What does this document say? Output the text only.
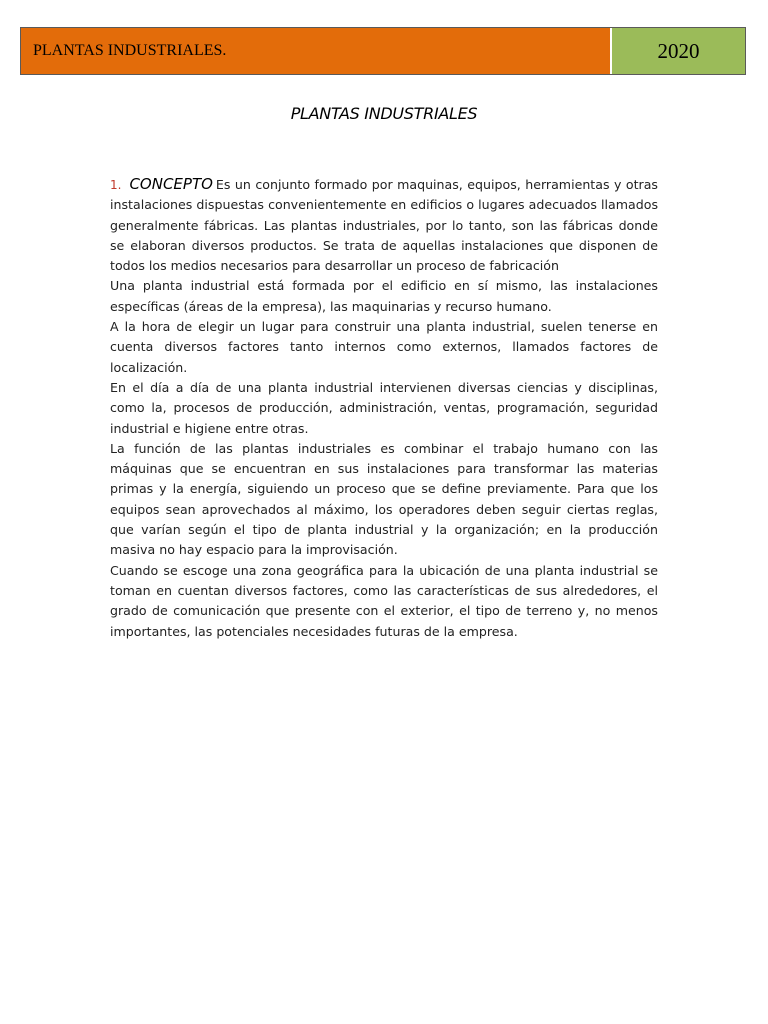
PLANTAS INDUSTRIALES.	2020
PLANTAS INDUSTRIALES

1. CONCEPTO Es un conjunto formado por maquinas, equipos, herramientas y otras instalaciones dispuestas convenientemente en edificios o lugares adecuados llamados generalmente fábricas. Las plantas industriales, por lo tanto, son las fábricas donde se elaboran diversos productos. Se trata de aquellas instalaciones que disponen de todos los medios necesarios para desarrollar un proceso de fabricación

Una planta industrial está formada por el edificio en sí mismo, las instalaciones específicas (áreas de la empresa), las maquinarias y recurso humano.

A la hora de elegir un lugar para construir una planta industrial, suelen tenerse en cuenta diversos factores tanto internos como externos, llamados factores de localización.

En el día a día de una planta industrial intervienen diversas ciencias y disciplinas, como la, procesos de producción, administración, ventas, programación, seguridad industrial e higiene entre otras.

La función de las plantas industriales es combinar el trabajo humano con las máquinas que se encuentran en sus instalaciones para transformar las materias primas y la energía, siguiendo un proceso que se define previamente. Para que los equipos sean aprovechados al máximo, los operadores deben seguir ciertas reglas, que varían según el tipo de planta industrial y la organización; en la producción masiva no hay espacio para la improvisación.

Cuando se escoge una zona geográfica para la ubicación de una planta industrial se toman en cuentan diversos factores, como las características de sus alrededores, el grado de comunicación que presente con el exterior, el tipo de terreno y, no menos importantes, las potenciales necesidades futuras de la empresa.
